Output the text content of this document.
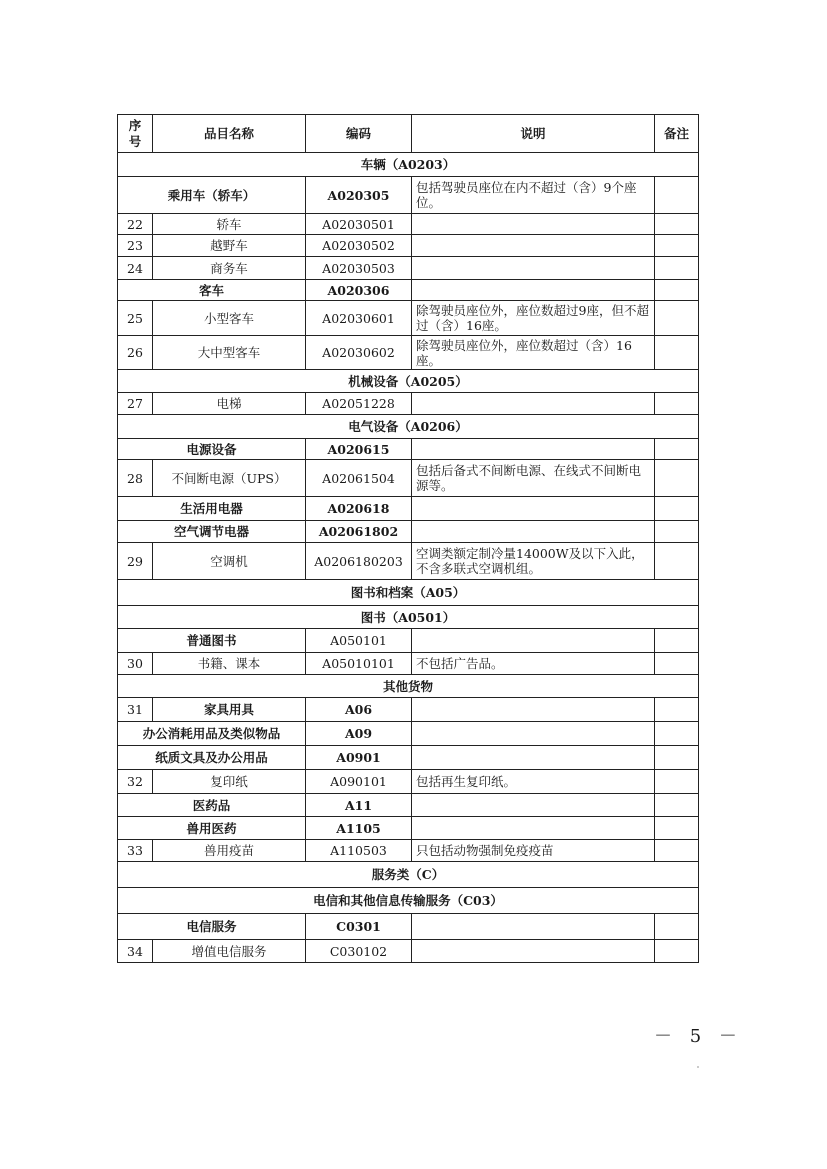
序
号	品目名称	编码	说明	备注
车辆（A0203）				
乘用车（轿车）		A020305	包括驾驶员座位在内不超过（含）9个座位。	
22	轿车	A02030501		
23	越野车	A02030502		
24	商务车	A02030503		
客车		A020306		
25	小型客车	A02030601	除驾驶员座位外，座位数超过9座，但不超过（含）16座。	
26	大中型客车	A02030602	除驾驶员座位外，座位数超过（含）16座。	
机械设备（A0205）				
27	电梯	A02051228		
电气设备（A0206）				
电源设备		A020615		
28	不间断电源（UPS）	A02061504	包括后备式不间断电源、在线式不间断电源等。	
生活用电器		A020618		
空气调节电器		A02061802		
29	空调机	A0206180203	空调类额定制冷量14000W及以下入此，不含多联式空调机组。	
图书和档案（A05）				
图书（A0501）				
普通图书		A050101		
30	书籍、课本	A05010101	不包括广告品。	
其他货物				
31	家具用具	A06		
办公消耗用品及类似物品		A09		
纸质文具及办公用品		A0901		
32	复印纸	A090101	包括再生复印纸。	
医药品		A11		
兽用医药		A1105		
33	兽用疫苗	A110503	只包括动物强制免疫疫苗	
服务类（C）				
电信和其他信息传输服务（C03）				
电信服务		C0301		
34	增值电信服务	C030102		
－ 5 －
